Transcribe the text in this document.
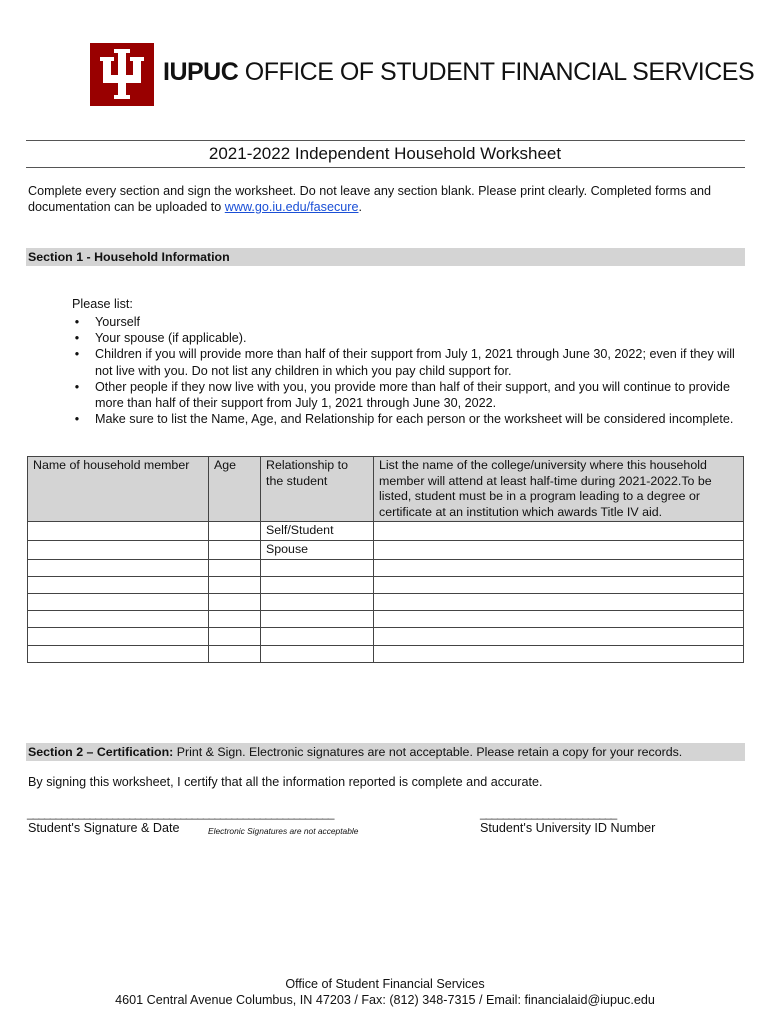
IUPUC OFFICE OF STUDENT FINANCIAL SERVICES
2021-2022 Independent Household Worksheet
Complete every section and sign the worksheet. Do not leave any section blank. Please print clearly. Completed forms and documentation can be uploaded to www.go.iu.edu/fasecure.
Section 1 - Household Information
Please list:
• Yourself
• Your spouse (if applicable).
• Children if you will provide more than half of their support from July 1, 2021 through June 30, 2022; even if they will not live with you. Do not list any children in which you pay child support for.
• Other people if they now live with you, you provide more than half of their support, and you will continue to provide more than half of their support from July 1, 2021 through June 30, 2022.
• Make sure to list the Name, Age, and Relationship for each person or the worksheet will be considered incomplete.
Name of household member	Age	Relationship to the student	List the name of the college/university where this household member will attend at least half-time during 2021-2022.To be listed, student must be in a program leading to a degree or certificate at an institution which awards Title IV aid.
		Self/Student	
		Spouse	

Section 2 – Certification: Print & Sign. Electronic signatures are not acceptable. Please retain a copy for your records.
By signing this worksheet, I certify that all the information reported is complete and accurate.
______________________________________________________
Student's Signature & Date	Electronic Signatures are not acceptable
________________________
Student's University ID Number
Office of Student Financial Services
4601 Central Avenue Columbus, IN 47203 / Fax: (812) 348-7315 / Email: financialaid@iupuc.edu
